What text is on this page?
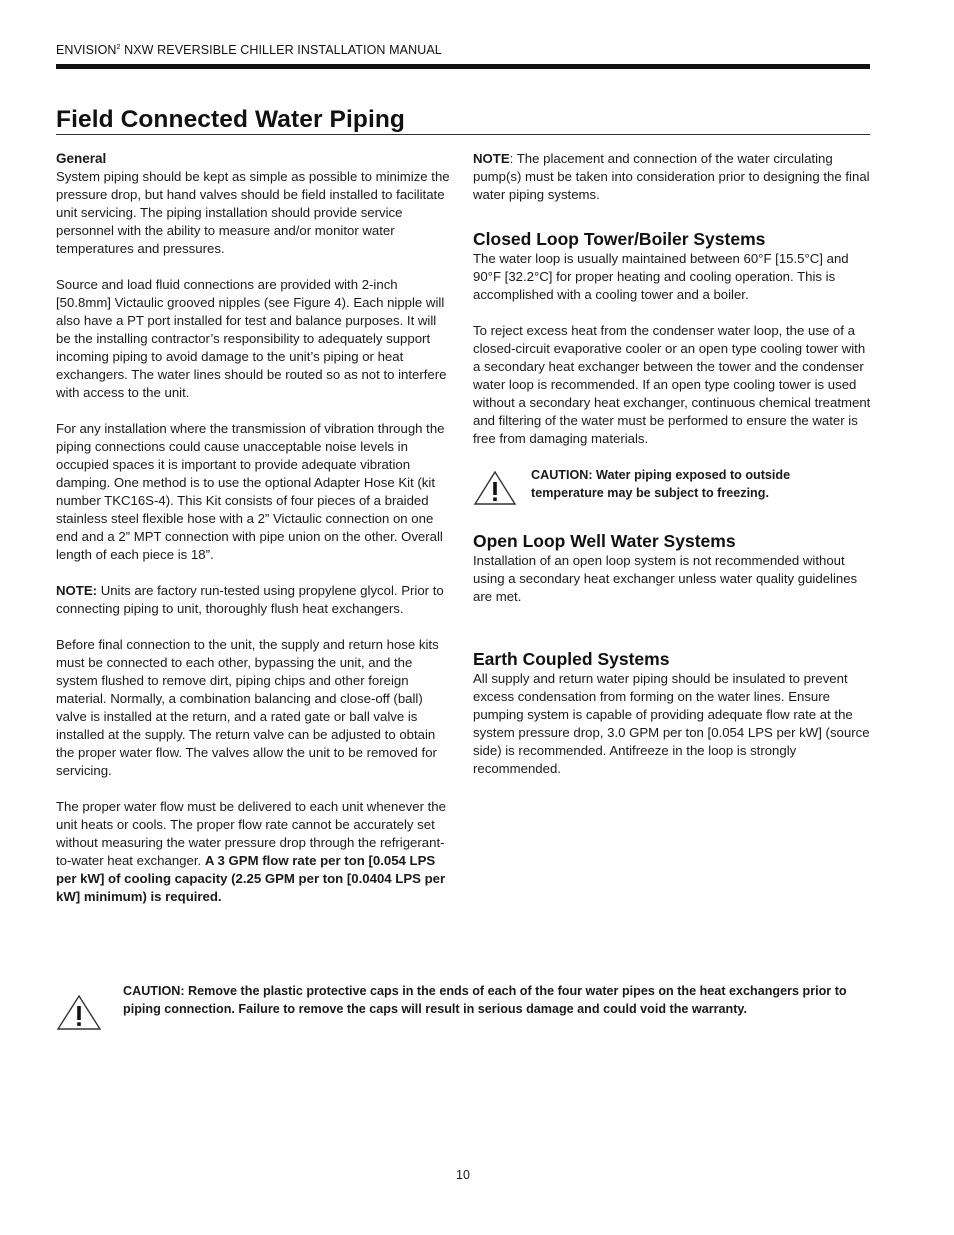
ENVISION$^2$ NXW REVERSIBLE CHILLER INSTALLATION MANUAL
Field Connected Water Piping
General

System piping should be kept as simple as possible to minimize the pressure drop, but hand valves should be field installed to facilitate unit servicing. The piping installation should provide service personnel with the ability to measure and/or monitor water temperatures and pressures.

Source and load fluid connections are provided with 2-inch [50.8mm] Victaulic grooved nipples (see Figure 4). Each nipple will also have a PT port installed for test and balance purposes. It will be the installing contractor’s responsibility to adequately support incoming piping to avoid damage to the unit’s piping or heat exchangers. The water lines should be routed so as not to interfere with access to the unit.

For any installation where the transmission of vibration through the piping connections could cause unacceptable noise levels in occupied spaces it is important to provide adequate vibration damping. One method is to use the optional Adapter Hose Kit (kit number TKC16S-4). This Kit consists of four pieces of a braided stainless steel flexible hose with a 2” Victaulic connection on one end and a 2” MPT connection with pipe union on the other. Overall length of each piece is 18”.

NOTE: Units are factory run-tested using propylene glycol. Prior to connecting piping to unit, thoroughly flush heat exchangers.

Before final connection to the unit, the supply and return hose kits must be connected to each other, bypassing the unit, and the system flushed to remove dirt, piping chips and other foreign material. Normally, a combination balancing and close-off (ball) valve is installed at the return, and a rated gate or ball valve is installed at the supply. The return valve can be adjusted to obtain the proper water flow. The valves allow the unit to be removed for servicing.

The proper water flow must be delivered to each unit whenever the unit heats or cools. The proper flow rate cannot be accurately set without measuring the water pressure drop through the refrigerant-to-water heat exchanger. A 3 GPM flow rate per ton [0.054 LPS per kW] of cooling capacity (2.25 GPM per ton [0.0404 LPS per kW] minimum) is required.

NOTE: The placement and connection of the water circulating pump(s) must be taken into consideration prior to designing the final water piping systems.

Closed Loop Tower/Boiler Systems

The water loop is usually maintained between 60°F [15.5°C] and 90°F [32.2°C] for proper heating and cooling operation. This is accomplished with a cooling tower and a boiler.

To reject excess heat from the condenser water loop, the use of a closed-circuit evaporative cooler or an open type cooling tower with a secondary heat exchanger between the tower and the condenser water loop is recommended. If an open type cooling tower is used without a secondary heat exchanger, continuous chemical treatment and filtering of the water must be performed to ensure the water is free from damaging materials.

CAUTION: Water piping exposed to outside temperature may be subject to freezing.
Open Loop Well Water Systems

Installation of an open loop system is not recommended without using a secondary heat exchanger unless water quality guidelines are met.

Earth Coupled Systems

All supply and return water piping should be insulated to prevent excess condensation from forming on the water lines. Ensure pumping system is capable of providing adequate flow rate at the system pressure drop, 3.0 GPM per ton [0.054 LPS per kW] (source side) is recommended. Antifreeze in the loop is strongly recommended.

CAUTION: Remove the plastic protective caps in the ends of each of the four water pipes on the heat exchangers prior to piping connection. Failure to remove the caps will result in serious damage and could void the warranty.
10
